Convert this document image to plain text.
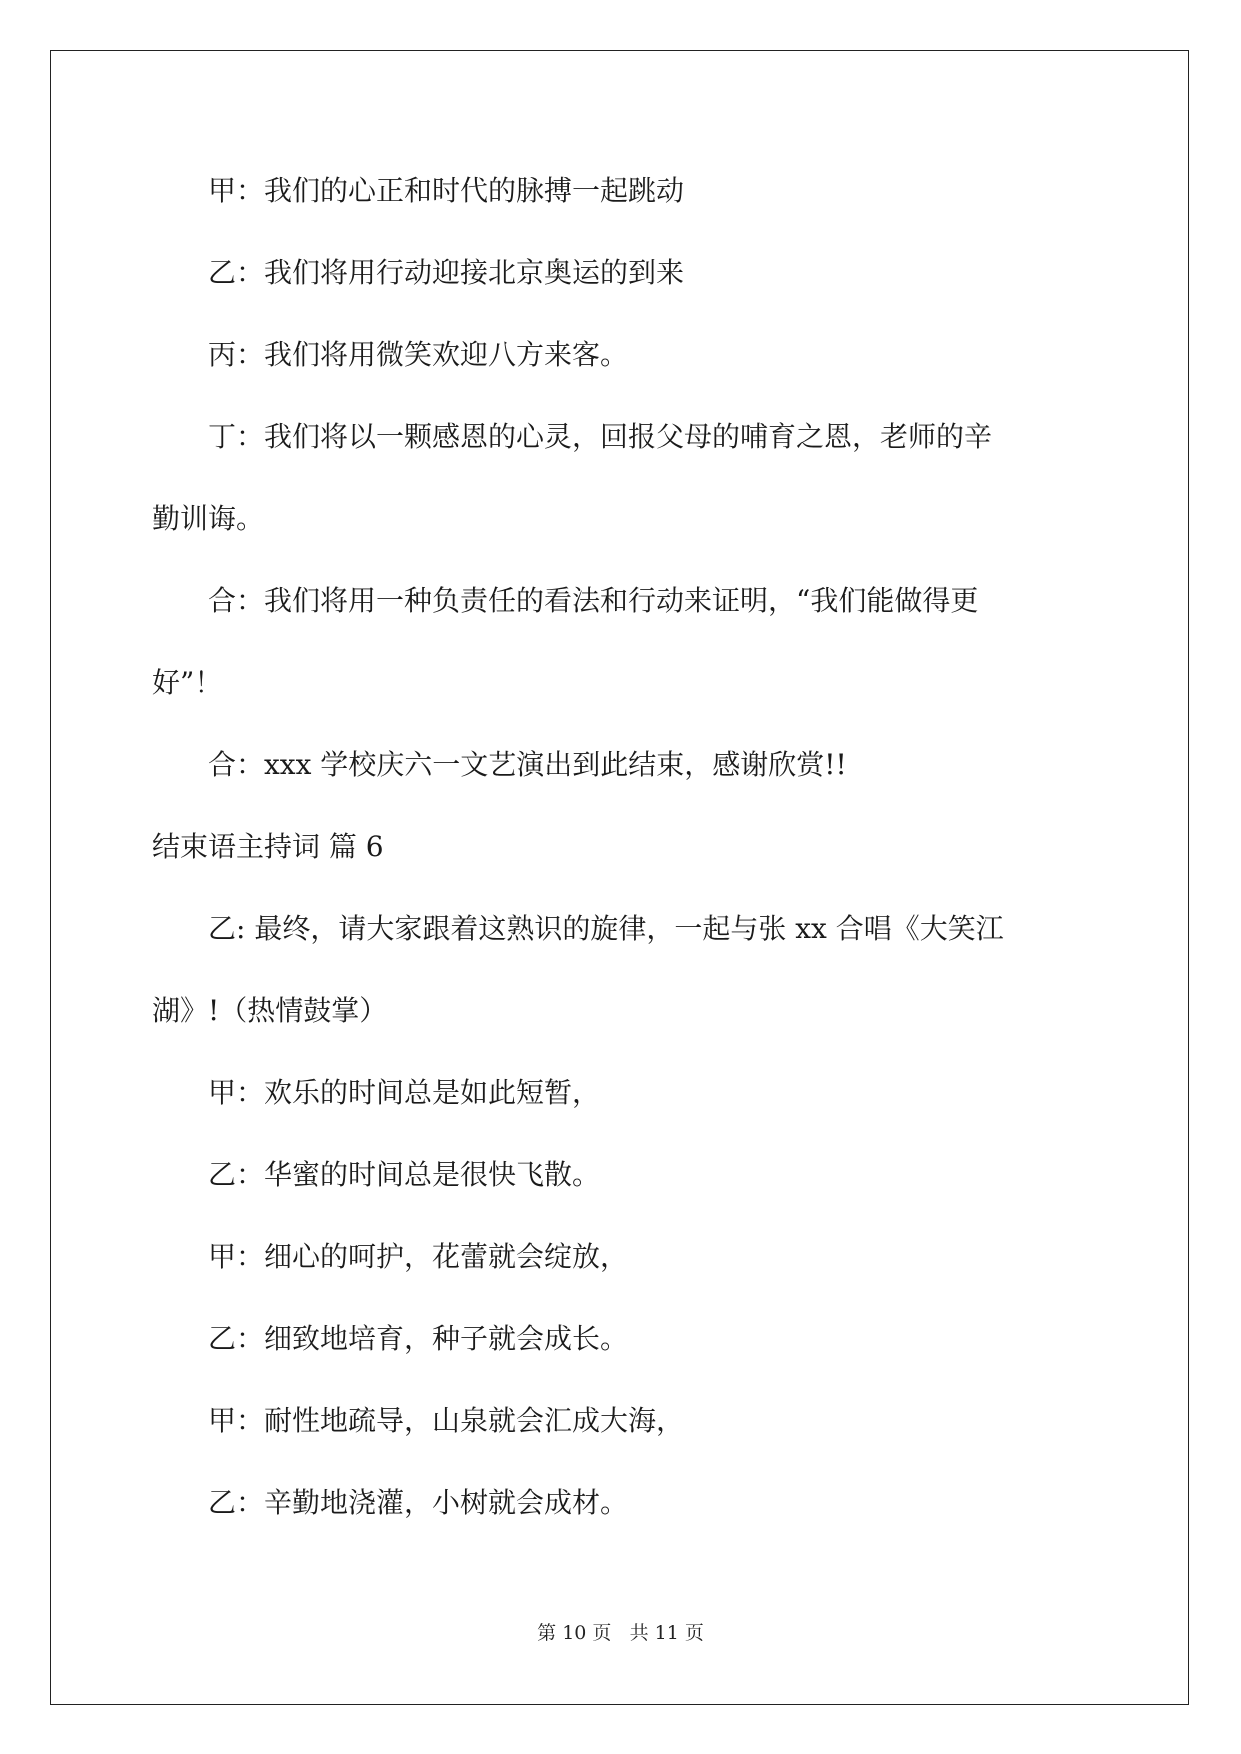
　　甲：我们的心正和时代的脉搏一起跳动
　　乙：我们将用行动迎接北京奥运的到来
　　丙：我们将用微笑欢迎八方来客。
　　丁：我们将以一颗感恩的心灵，回报父母的哺育之恩，老师的辛
勤训诲。
　　合：我们将用一种负责任的看法和行动来证明，“我们能做得更
好”！
　　合：xxx 学校庆六一文艺演出到此结束，感谢欣赏!!
结束语主持词 篇 6
　　乙: 最终，请大家跟着这熟识的旋律，一起与张 xx 合唱《大笑江
湖》!（热情鼓掌）
　　甲：欢乐的时间总是如此短暂，
　　乙：华蜜的时间总是很快飞散。
　　甲：细心的呵护，花蕾就会绽放，
　　乙：细致地培育，种子就会成长。
　　甲：耐性地疏导，山泉就会汇成大海，
　　乙：辛勤地浇灌，小树就会成材。
第 10 页 共 11 页
